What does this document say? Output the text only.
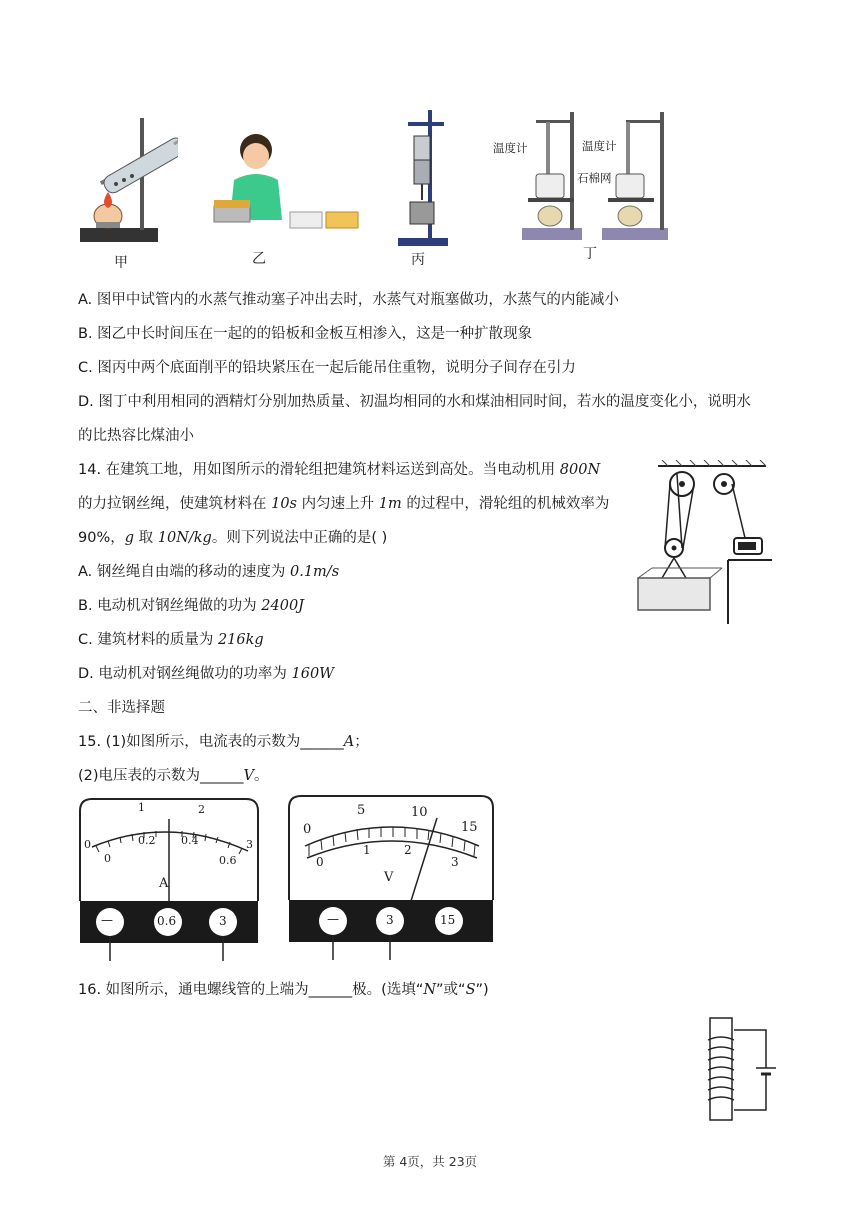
甲	乙	丙
温度计	温度计
石棉网
丁
A. 图甲中试管内的水蒸气推动塞子冲出去时，水蒸气对瓶塞做功，水蒸气的内能减小
B. 图乙中长时间压在一起的的铅板和金板互相渗入，这是一种扩散现象
C. 图丙中两个底面削平的铅块紧压在一起后能吊住重物，说明分子间存在引力
D. 图丁中利用相同的酒精灯分别加热质量、初温均相同的水和煤油相同时间，若水的温度变化小，说明水
的比热容比煤油小
14. 在建筑工地，用如图所示的滑轮组把建筑材料运送到高处。当电动机用 800N
的力拉钢丝绳，使建筑材料在 10s 内匀速上升 1m 的过程中，滑轮组的机械效率为
90%，g 取 10N/kg。则下列说法中正确的是( )
A. 钢丝绳自由端的移动的速度为 0.1m/s
B. 电动机对钢丝绳做的功为 2400J
C. 建筑材料的质量为 216kg
D. 电动机对钢丝绳做功的功率为 160W
二、非选择题
15. (1)如图所示，电流表的示数为______A；
(2)电压表的示数为______V。
0
1	2
3
0
0.2 0.4
0.6
A
—	0.6	3
0
5	10
15
0
1	2
3
V
—	3	15
16. 如图所示，通电螺线管的上端为______极。(选填“N”或“S”)
第 4页，共 23页
